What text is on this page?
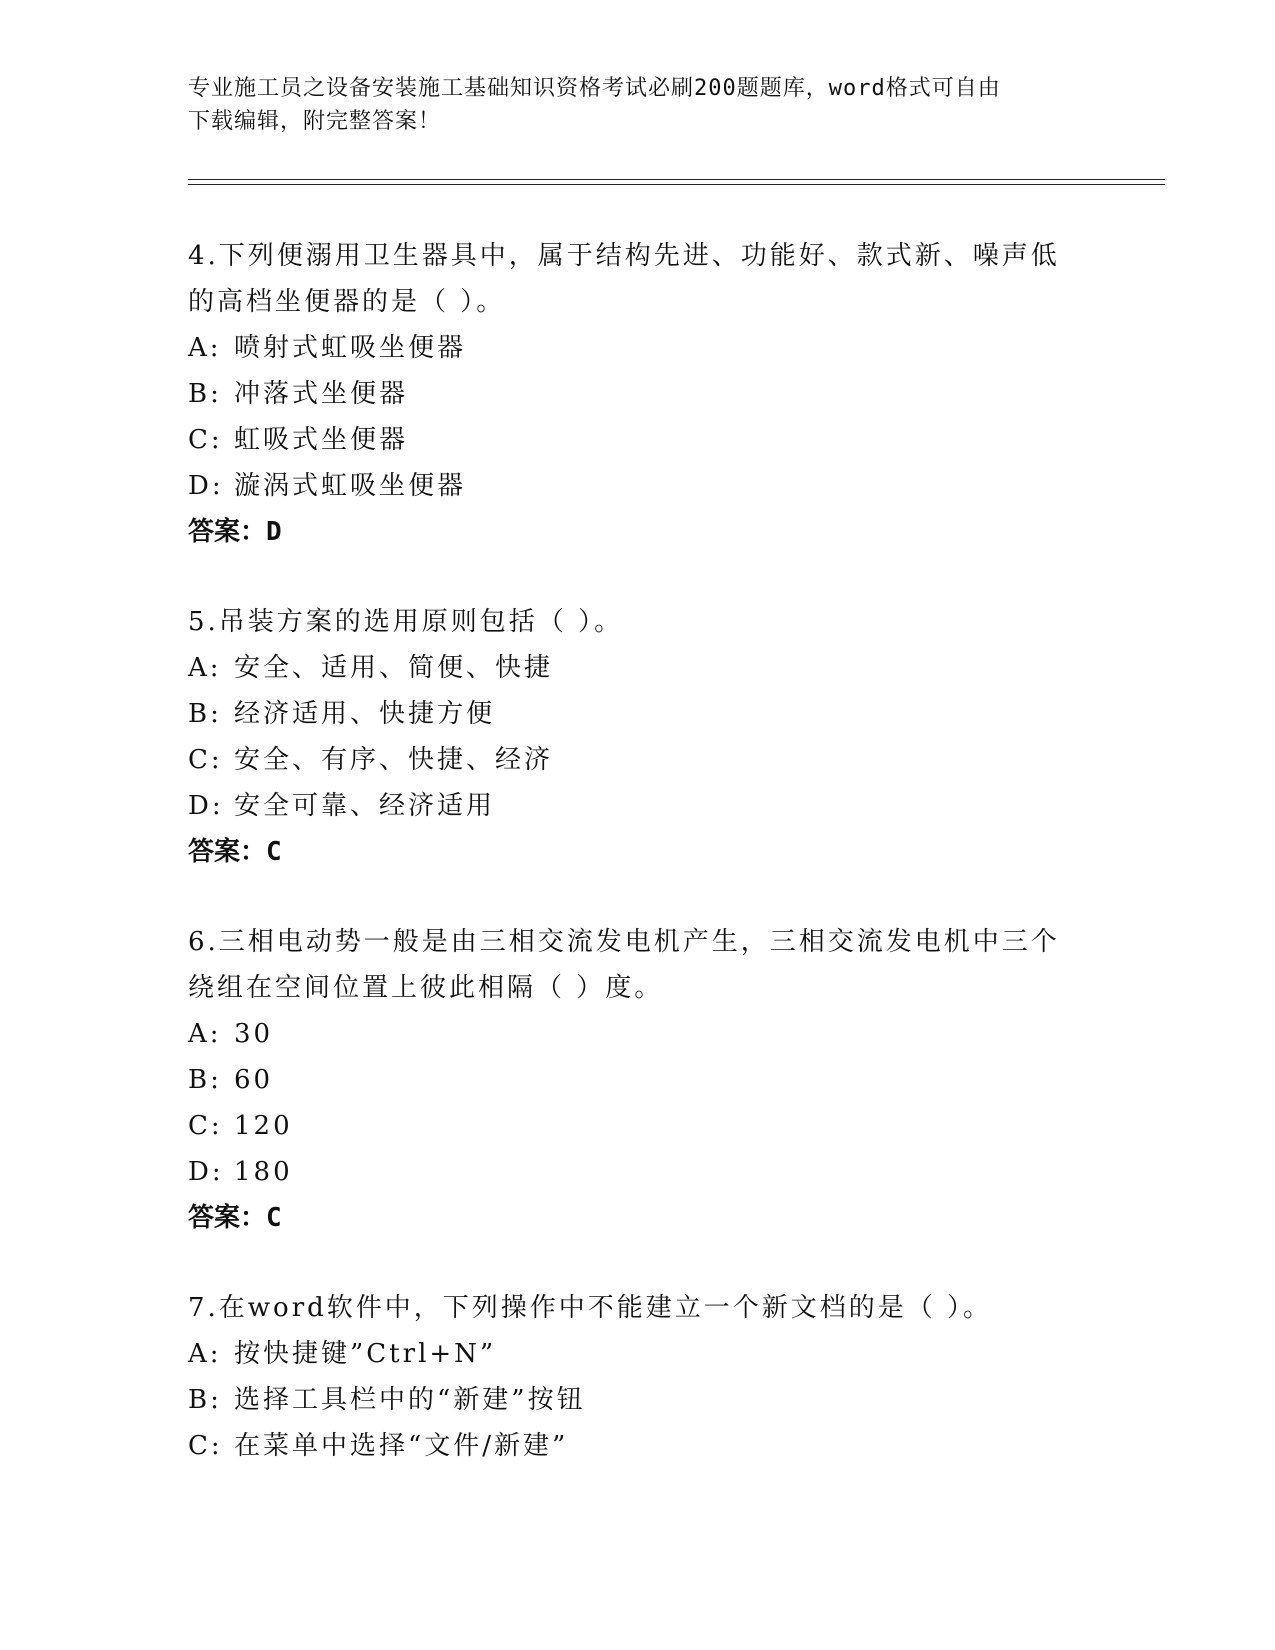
专业施工员之设备安装施工基础知识资格考试必刷200题题库，word格式可自由
下载编辑，附完整答案！

4.下列便溺用卫生器具中，属于结构先进、功能好、款式新、噪声低

的高档坐便器的是（ ）。

A: 喷射式虹吸坐便器

B: 冲落式坐便器

C: 虹吸式坐便器

D: 漩涡式虹吸坐便器

答案：D

5.吊装方案的选用原则包括（ ）。

A: 安全、适用、简便、快捷

B: 经济适用、快捷方便

C: 安全、有序、快捷、经济

D: 安全可靠、经济适用

答案：C

6.三相电动势一般是由三相交流发电机产生，三相交流发电机中三个

绕组在空间位置上彼此相隔（ ）度。

A: 30

B: 60

C: 120

D: 180

答案：C

7.在word软件中，下列操作中不能建立一个新文档的是（ ）。

A: 按快捷键”Ctrl+N”

B: 选择工具栏中的“新建”按钮

C: 在菜单中选择“文件/新建”
